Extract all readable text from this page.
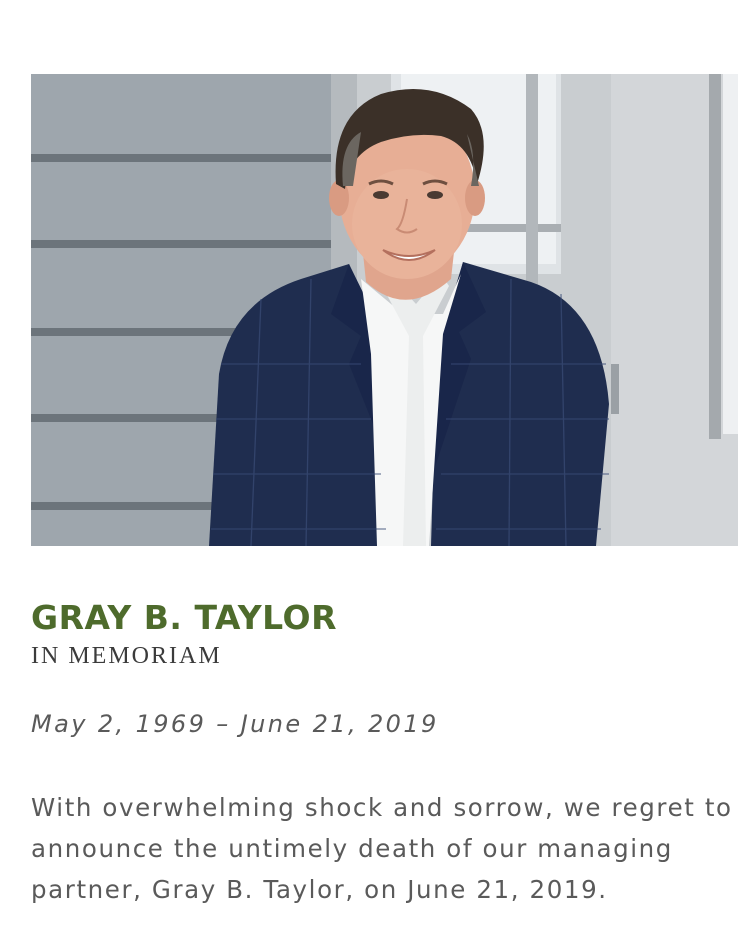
GRAY B. TAYLOR
IN MEMORIAM

May 2, 1969 – June 21, 2019

With overwhelming shock and sorrow, we regret to announce the untimely death of our managing partner, Gray B. Taylor, on June 21, 2019.
